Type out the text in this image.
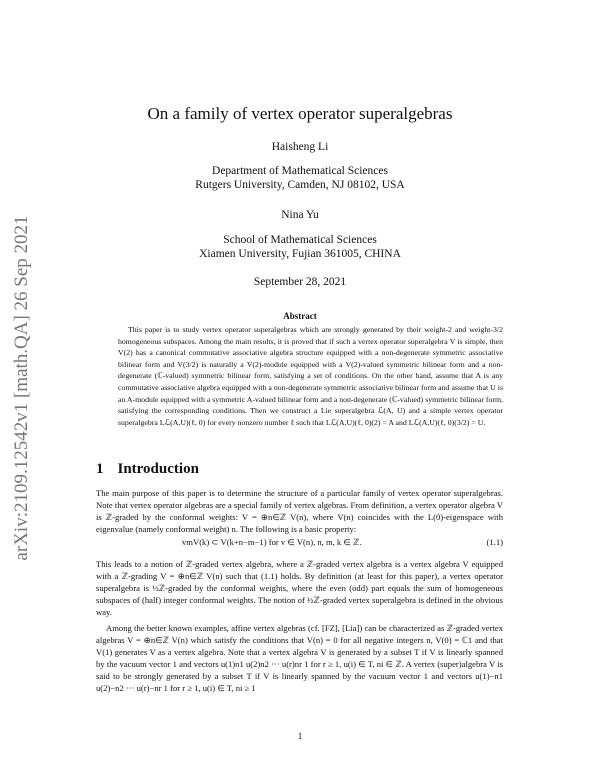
arXiv:2109.12542v1 [math.QA] 26 Sep 2021
On a family of vertex operator superalgebras
Haisheng Li
Department of Mathematical Sciences
Rutgers University, Camden, NJ 08102, USA
Nina Yu
School of Mathematical Sciences
Xiamen University, Fujian 361005, CHINA
September 28, 2021
Abstract

This paper is to study vertex operator superalgebras which are strongly generated by their weight-2 and weight-3/2 homogeneous subspaces. Among the main results, it is proved that if such a vertex operator superalgebra V is simple, then V(2) has a canonical commutative associative algebra structure equipped with a non-degenerate symmetric associative bilinear form and V(3/2) is naturally a V(2)-module equipped with a V(2)-valued symmetric bilinear form and a non-degenerate (ℂ-valued) symmetric bilinear form, satisfying a set of conditions. On the other hand, assume that A is any commutative associative algebra equipped with a non-degenerate symmetric associative bilinear form and assume that U is an A-module equipped with a symmetric A-valued bilinear form and a non-degenerate (ℂ-valued) symmetric bilinear form, satisfying the corresponding conditions. Then we construct a Lie superalgebra ℒ(A, U) and a simple vertex operator superalgebra Lℒ(A,U)(ℓ, 0) for every nonzero number ℓ such that Lℒ(A,U)(ℓ, 0)(2) = A and Lℒ(A,U)(ℓ, 0)(3/2) = U.

1 Introduction

The main purpose of this paper is to determine the structure of a particular family of vertex operator superalgebras. Note that vertex operator algebras are a special family of vertex algebras. From definition, a vertex operator algebra V is ℤ-graded by the conformal weights: V = ⊕n∈ℤ V(n), where V(n) coincides with the L(0)-eigenspace with eigenvalue (namely conformal weight) n. The following is a basic property:

vmV(k) ⊂ V(k+n−m−1) for v ∈ V(n), n, m, k ∈ ℤ.	(1.1)

This leads to a notion of ℤ-graded vertex algebra, where a ℤ-graded vertex algebra is a vertex algebra V equipped with a ℤ-grading V = ⊕n∈ℤ V(n) such that (1.1) holds. By definition (at least for this paper), a vertex operator superalgebra is ½ℤ-graded by the conformal weights, where the even (odd) part equals the sum of homogeneous subspaces of (half) integer conformal weights. The notion of ½ℤ-graded vertex superalgebra is defined in the obvious way.

Among the better known examples, affine vertex algebras (cf. [FZ], [Lia]) can be characterized as ℤ-graded vertex algebras V = ⊕n∈ℤ V(n) which satisfy the conditions that V(n) = 0 for all negative integers n, V(0) = ℂ1 and that V(1) generates V as a vertex algebra. Note that a vertex algebra V is generated by a subset T if V is linearly spanned by the vacuum vector 1 and vectors u(1)n1 u(2)n2 ··· u(r)nr 1 for r ≥ 1, u(i) ∈ T, ni ∈ ℤ. A vertex (super)algebra V is said to be strongly generated by a subset T if V is linearly spanned by the vacuum vector 1 and vectors u(1)−n1 u(2)−n2 ··· u(r)−nr 1 for r ≥ 1, u(i) ∈ T, ni ≥ 1

1
